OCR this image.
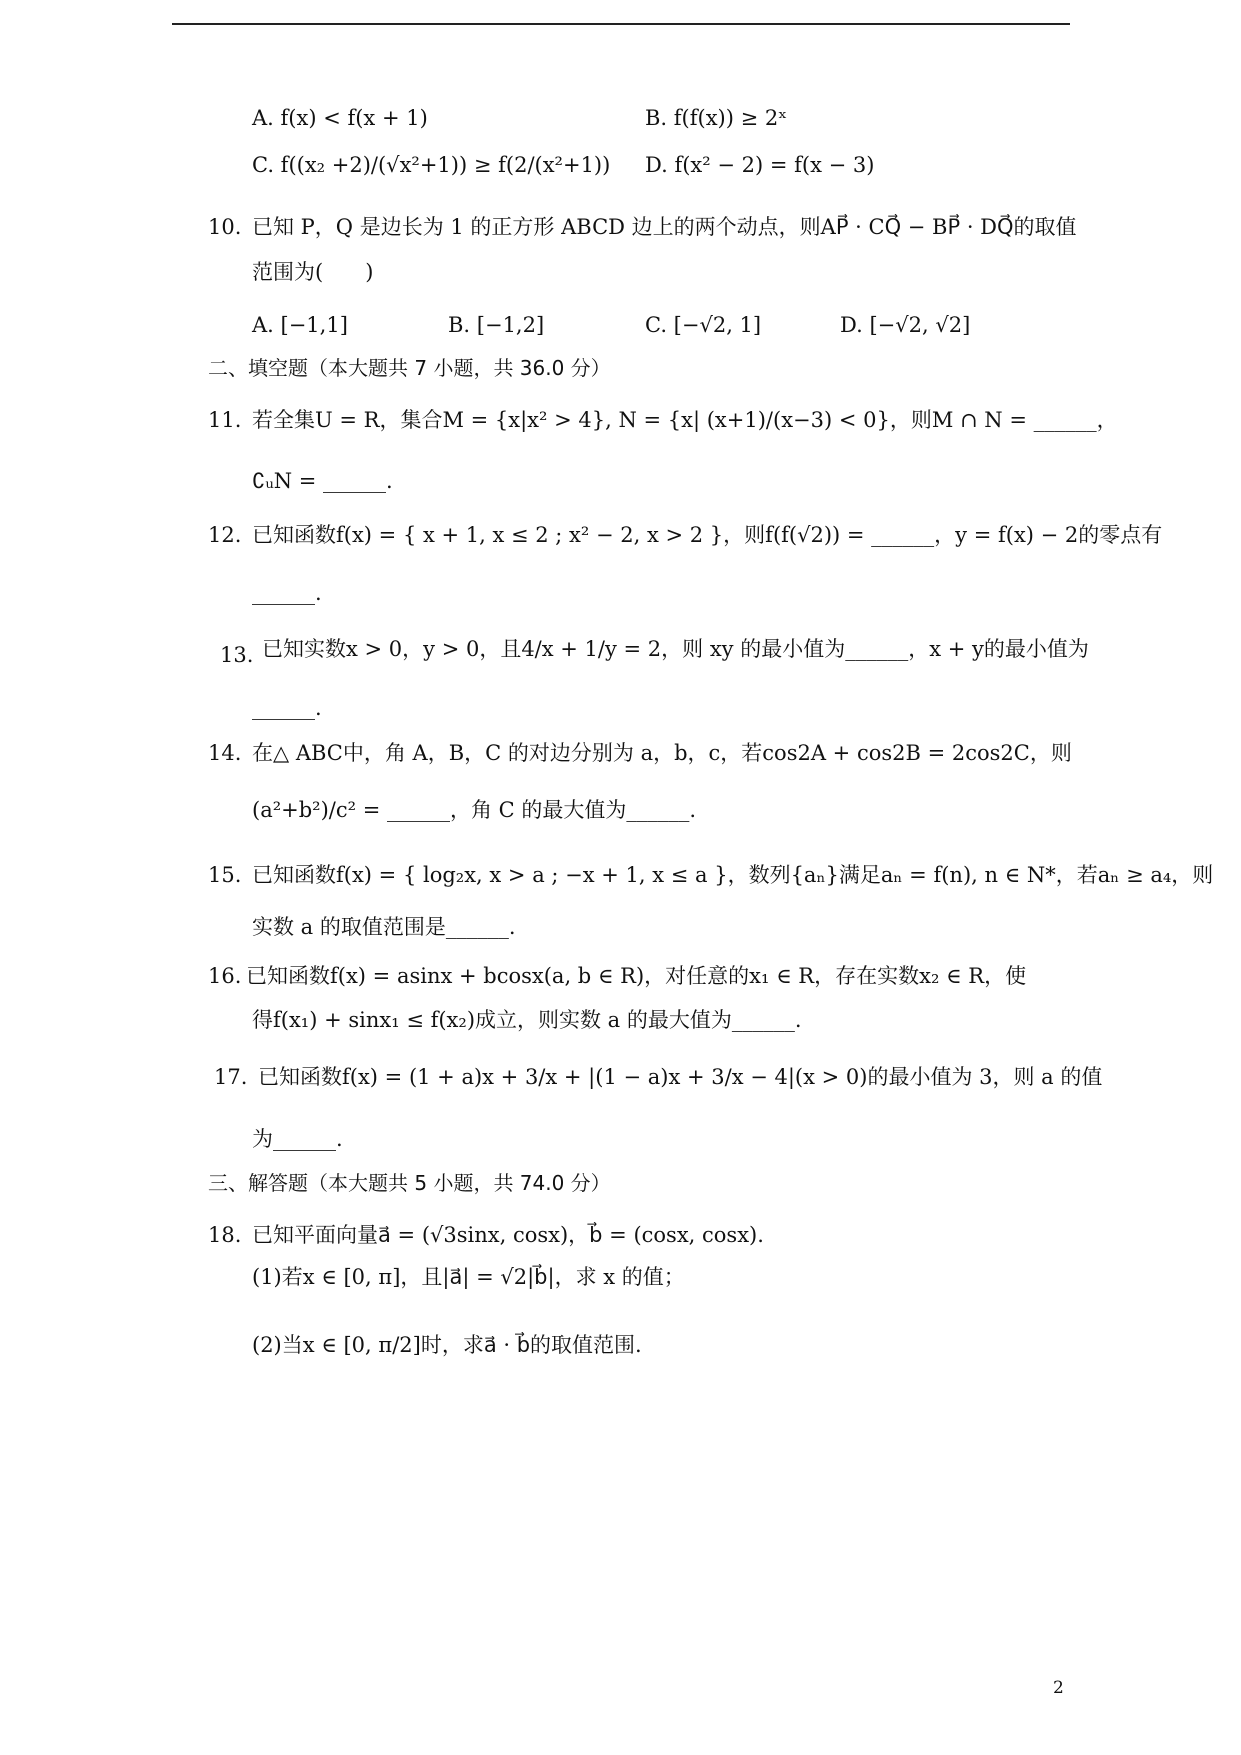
A. f(x) < f(x + 1)	B. f(f(x)) ≥ 2ˣ
C. f((x₂ +2)/(√x²+1)) ≥ f(2/(x²+1)) D. f(x² − 2) = f(x − 3)
10. 已知 P，Q 是边长为 1 的正方形 ABCD 边上的两个动点，则AP⃗ · CQ⃗ − BP⃗ · DQ⃗的取值
范围为(　　)
A. [−1,1]	B. [−1,2]	C. [−√2, 1]	D. [−√2, √2]
二、填空题（本大题共 7 小题，共 36.0 分）
11. 若全集U = R，集合M = {x|x² > 4}, N = {x| (x+1)/(x−3) < 0}，则M ∩ N = ______，
∁ᵤN = ______.
12. 已知函数f(x) = { x + 1, x ≤ 2 ; x² − 2, x > 2 }，则f(f(√2)) = ______，y = f(x) − 2的零点有
______.
13. 已知实数x > 0，y > 0，且4/x + 1/y = 2，则 xy 的最小值为______，x + y的最小值为
______.
14. 在△ ABC中，角 A，B，C 的对边分别为 a，b，c，若cos2A + cos2B = 2cos2C，则
(a²+b²)/c² = ______，角 C 的最大值为______.
15. 已知函数f(x) = { log₂x, x > a ; −x + 1, x ≤ a }，数列{aₙ}满足aₙ = f(n), n ∈ N*，若aₙ ≥ a₄，则
实数 a 的取值范围是______.
16. 已知函数f(x) = asinx + bcosx(a, b ∈ R)，对任意的x₁ ∈ R，存在实数x₂ ∈ R，使
得f(x₁) + sinx₁ ≤ f(x₂)成立，则实数 a 的最大值为______.
17. 已知函数f(x) = (1 + a)x + 3/x + |(1 − a)x + 3/x − 4|(x > 0)的最小值为 3，则 a 的值
为______.
三、解答题（本大题共 5 小题，共 74.0 分）
18. 已知平面向量a⃗ = (√3sinx, cosx)，b⃗ = (cosx, cosx).
(1)若x ∈ [0, π]，且|a⃗| = √2|b⃗|，求 x 的值；
(2)当x ∈ [0, π/2]时，求a⃗ · b⃗的取值范围.
2
